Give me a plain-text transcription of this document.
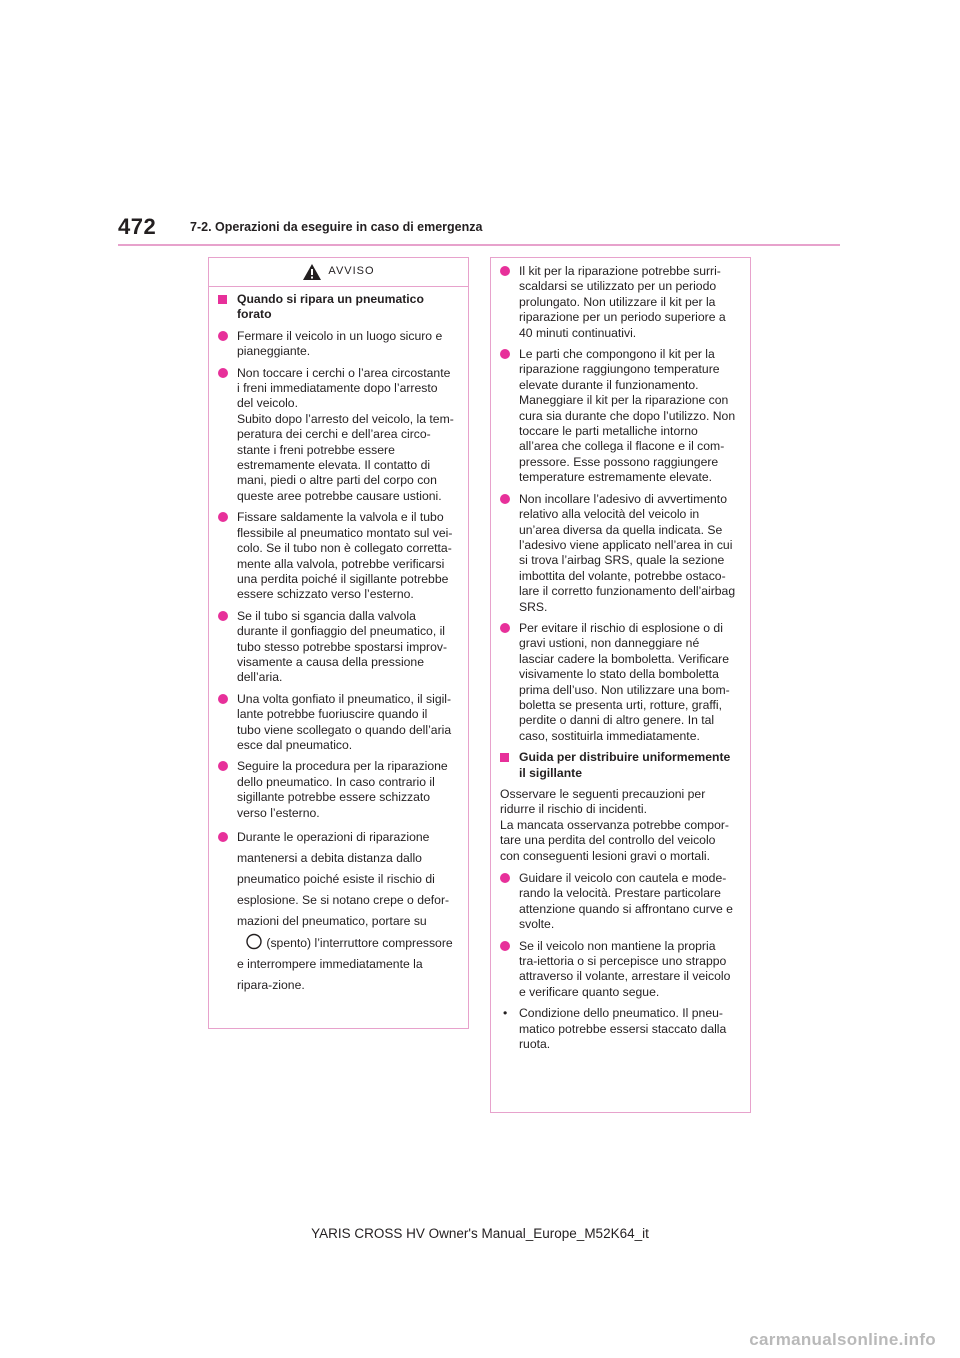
472	7-2. Operazioni da eseguire in caso di emergenza
AVVISO
Quando si ripara un pneumatico forato
Fermare il veicolo in un luogo sicuro e pianeggiante.
Non toccare i cerchi o l’area circostante i freni immediatamente dopo l’arresto del veicolo.
Subito dopo l’arresto del veicolo, la tem-peratura dei cerchi e dell’area circo-stante i freni potrebbe essere estremamente elevata. Il contatto di mani, piedi o altre parti del corpo con queste aree potrebbe causare ustioni.
Fissare saldamente la valvola e il tubo flessibile al pneumatico montato sul vei-colo. Se il tubo non è collegato corretta-mente alla valvola, potrebbe verificarsi una perdita poiché il sigillante potrebbe essere schizzato verso l’esterno.
Se il tubo si sgancia dalla valvola durante il gonfiaggio del pneumatico, il tubo stesso potrebbe spostarsi improv-visamente a causa della pressione dell’aria.
Una volta gonfiato il pneumatico, il sigil-lante potrebbe fuoriuscire quando il tubo viene scollegato o quando dell’aria esce dal pneumatico.
Seguire la procedura per la riparazione dello pneumatico. In caso contrario il sigillante potrebbe essere schizzato verso l’esterno.
Durante le operazioni di riparazione mantenersi a debita distanza dallo pneumatico poiché esiste il rischio di esplosione. Se si notano crepe o defor-mazioni del pneumatico, portare su  (spento) l’interruttore compressore e interrompere immediatamente la ripara-zione.
Il kit per la riparazione potrebbe surri-scaldarsi se utilizzato per un periodo prolungato. Non utilizzare il kit per la riparazione per un periodo superiore a 40 minuti continuativi.
Le parti che compongono il kit per la riparazione raggiungono temperature elevate durante il funzionamento. Maneggiare il kit per la riparazione con cura sia durante che dopo l’utilizzo. Non toccare le parti metalliche intorno all’area che collega il flacone e il com-pressore. Esse possono raggiungere temperature estremamente elevate.
Non incollare l’adesivo di avvertimento relativo alla velocità del veicolo in un’area diversa da quella indicata. Se l’adesivo viene applicato nell’area in cui si trova l’airbag SRS, quale la sezione imbottita del volante, potrebbe ostaco-lare il corretto funzionamento dell’airbag SRS.
Per evitare il rischio di esplosione o di gravi ustioni, non danneggiare né lasciar cadere la bomboletta. Verificare visivamente lo stato della bomboletta prima dell’uso. Non utilizzare una bom-boletta se presenta urti, rotture, graffi, perdite o danni di altro genere. In tal caso, sostituirla immediatamente.
Guida per distribuire uniformemente il sigillante
Osservare le seguenti precauzioni per ridurre il rischio di incidenti.
La mancata osservanza potrebbe compor-tare una perdita del controllo del veicolo con conseguenti lesioni gravi o mortali.
Guidare il veicolo con cautela e mode-rando la velocità. Prestare particolare attenzione quando si affrontano curve e svolte.
Se il veicolo non mantiene la propria tra-iettoria o si percepisce uno strappo attraverso il volante, arrestare il veicolo e verificare quanto segue.
• Condizione dello pneumatico. Il pneu-matico potrebbe essersi staccato dalla ruota.
YARIS CROSS HV Owner's Manual_Europe_M52K64_it
carmanualsonline.info
